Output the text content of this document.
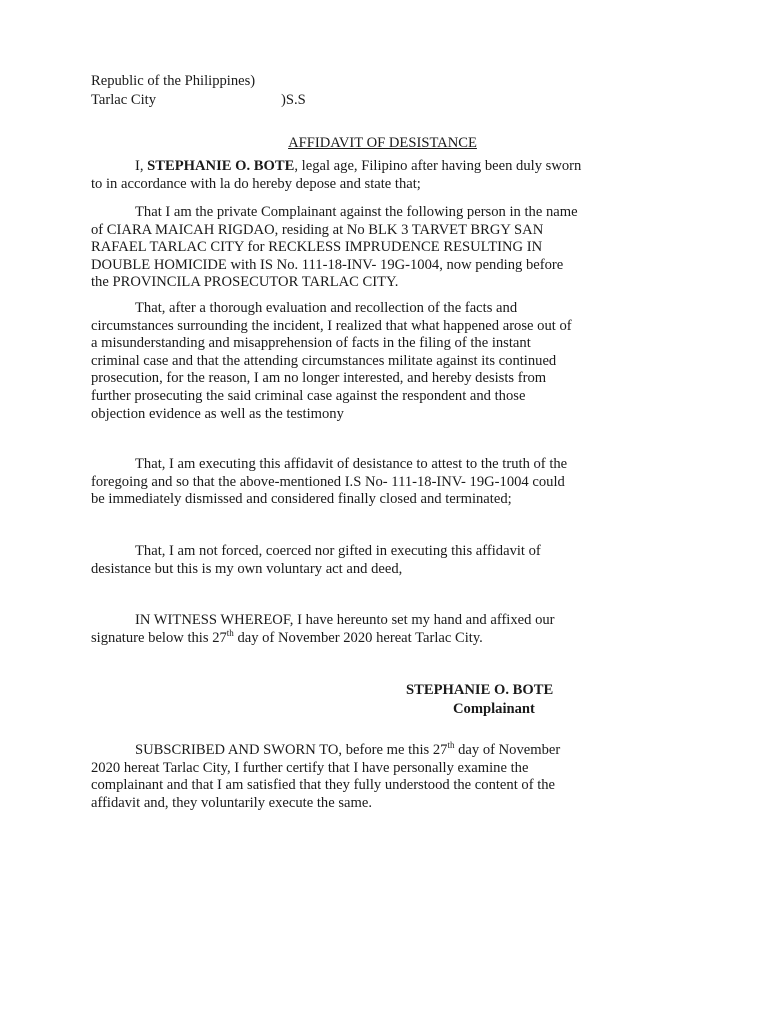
Republic of the Philippines)
Tarlac City	)S.S
AFFIDAVIT OF DESISTANCE
I, STEPHANIE O. BOTE, legal age, Filipino after having been duly sworn
to in accordance with la do hereby depose and state that;
That I am the private Complainant against the following person in the name
of CIARA MAICAH RIGDAO, residing at No BLK 3 TARVET BRGY SAN
RAFAEL TARLAC CITY for RECKLESS IMPRUDENCE RESULTING IN
DOUBLE HOMICIDE with IS No. 111-18-INV- 19G-1004, now pending before
the PROVINCILA PROSECUTOR TARLAC CITY.
That, after a thorough evaluation and recollection of the facts and
circumstances surrounding the incident, I realized that what happened arose out of
a misunderstanding and misapprehension of facts in the filing of the instant
criminal case and that the attending circumstances militate against its continued
prosecution, for the reason, I am no longer interested, and hereby desists from
further prosecuting the said criminal case against the respondent and those
objection evidence as well as the testimony
That, I am executing this affidavit of desistance to attest to the truth of the
foregoing and so that the above-mentioned I.S No- 111-18-INV- 19G-1004 could
be immediately dismissed and considered finally closed and terminated;
That, I am not forced, coerced nor gifted in executing this affidavit of
desistance but this is my own voluntary act and deed,
IN WITNESS WHEREOF, I have hereunto set my hand and affixed our
signature below this 27th day of November 2020 hereat Tarlac City.
STEPHANIE O. BOTE
Complainant
SUBSCRIBED AND SWORN TO, before me this 27th day of November
2020 hereat Tarlac City, I further certify that I have personally examine the
complainant and that I am satisfied that they fully understood the content of the
affidavit and, they voluntarily execute the same.
